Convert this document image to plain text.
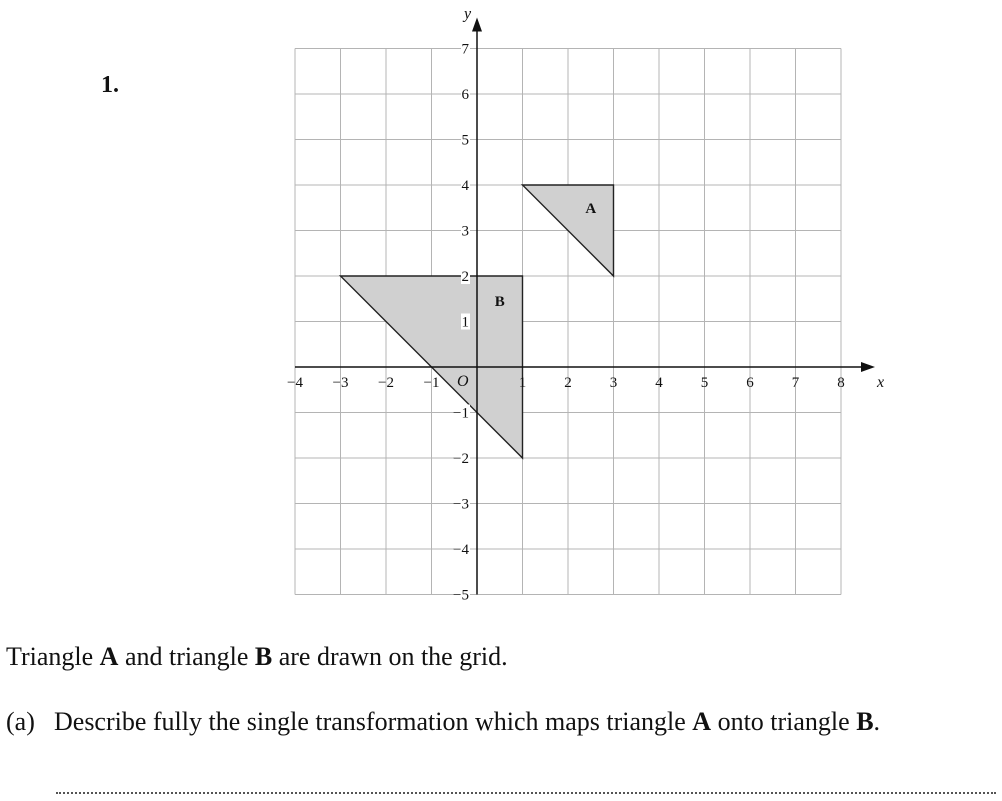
1.
−4 −3 −2 −1	1	2	3	4	5	6	7	8
−5
−4
−3
−2
−1
1
2
3
4
5
6
7
x
y
O
A
B

Triangle A and triangle B are drawn on the grid.

(a) Describe fully the single transformation which maps triangle A onto triangle B.
